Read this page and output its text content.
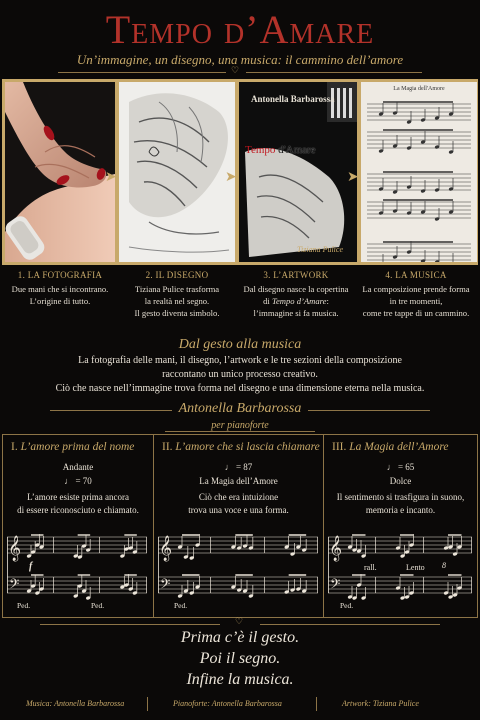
Tempo d’Amare
Un’immagine, un disegno, una musica: il cammino dell’amore
♡
Antonella Barbarossa
Tempo d'Amare
Tiziana Pulice
La Magia dell'Amore
➤	➤	➤
1. LA FOTOGRAFIA
Due mani che si incontrano.
L’origine di tutto.
2. IL DISEGNO
Tiziana Pulice trasforma
la realtà nel segno.
Il gesto diventa simbolo.
3. L’ARTWORK
Dal disegno nasce la copertina
di Tempo d’Amare:
l’immagine si fa musica.
4. LA MUSICA
La composizione prende forma
in tre momenti,
come tre tappe di un cammino.
Dal gesto alla musica
La fotografia delle mani, il disegno, l’artwork e le tre sezioni della composizione
raccontano un unico processo creativo.
Ciò che nasce nell’immagine trova forma nel disegno e una dimensione eterna nella musica.
Antonella Barbarossa
per pianoforte
I. L’amore prima del nome
Andante
♩ = 70
L’amore esiste prima ancora
di essere riconosciuto e chiamato.
𝄞
𝄢
f
Ped.	Ped.
II. L’amore che si lascia chiamare
♩ = 87
La Magia dell’Amore
Ciò che era intuizione
trova una voce e una forma.
𝄞
𝄢
Ped.
III. La Magia dell’Amore
♩ = 65
Dolce
Il sentimento si trasfigura in suono,
memoria e incanto.
𝄞
𝄢
rall.	Lento 8
Ped.
♡
Prima c’è il gesto.
Poi il segno.
Infine la musica.
Musica: Antonella Barbarossa	Pianoforte: Antonella Barbarossa	Artwork: Tiziana Pulice
